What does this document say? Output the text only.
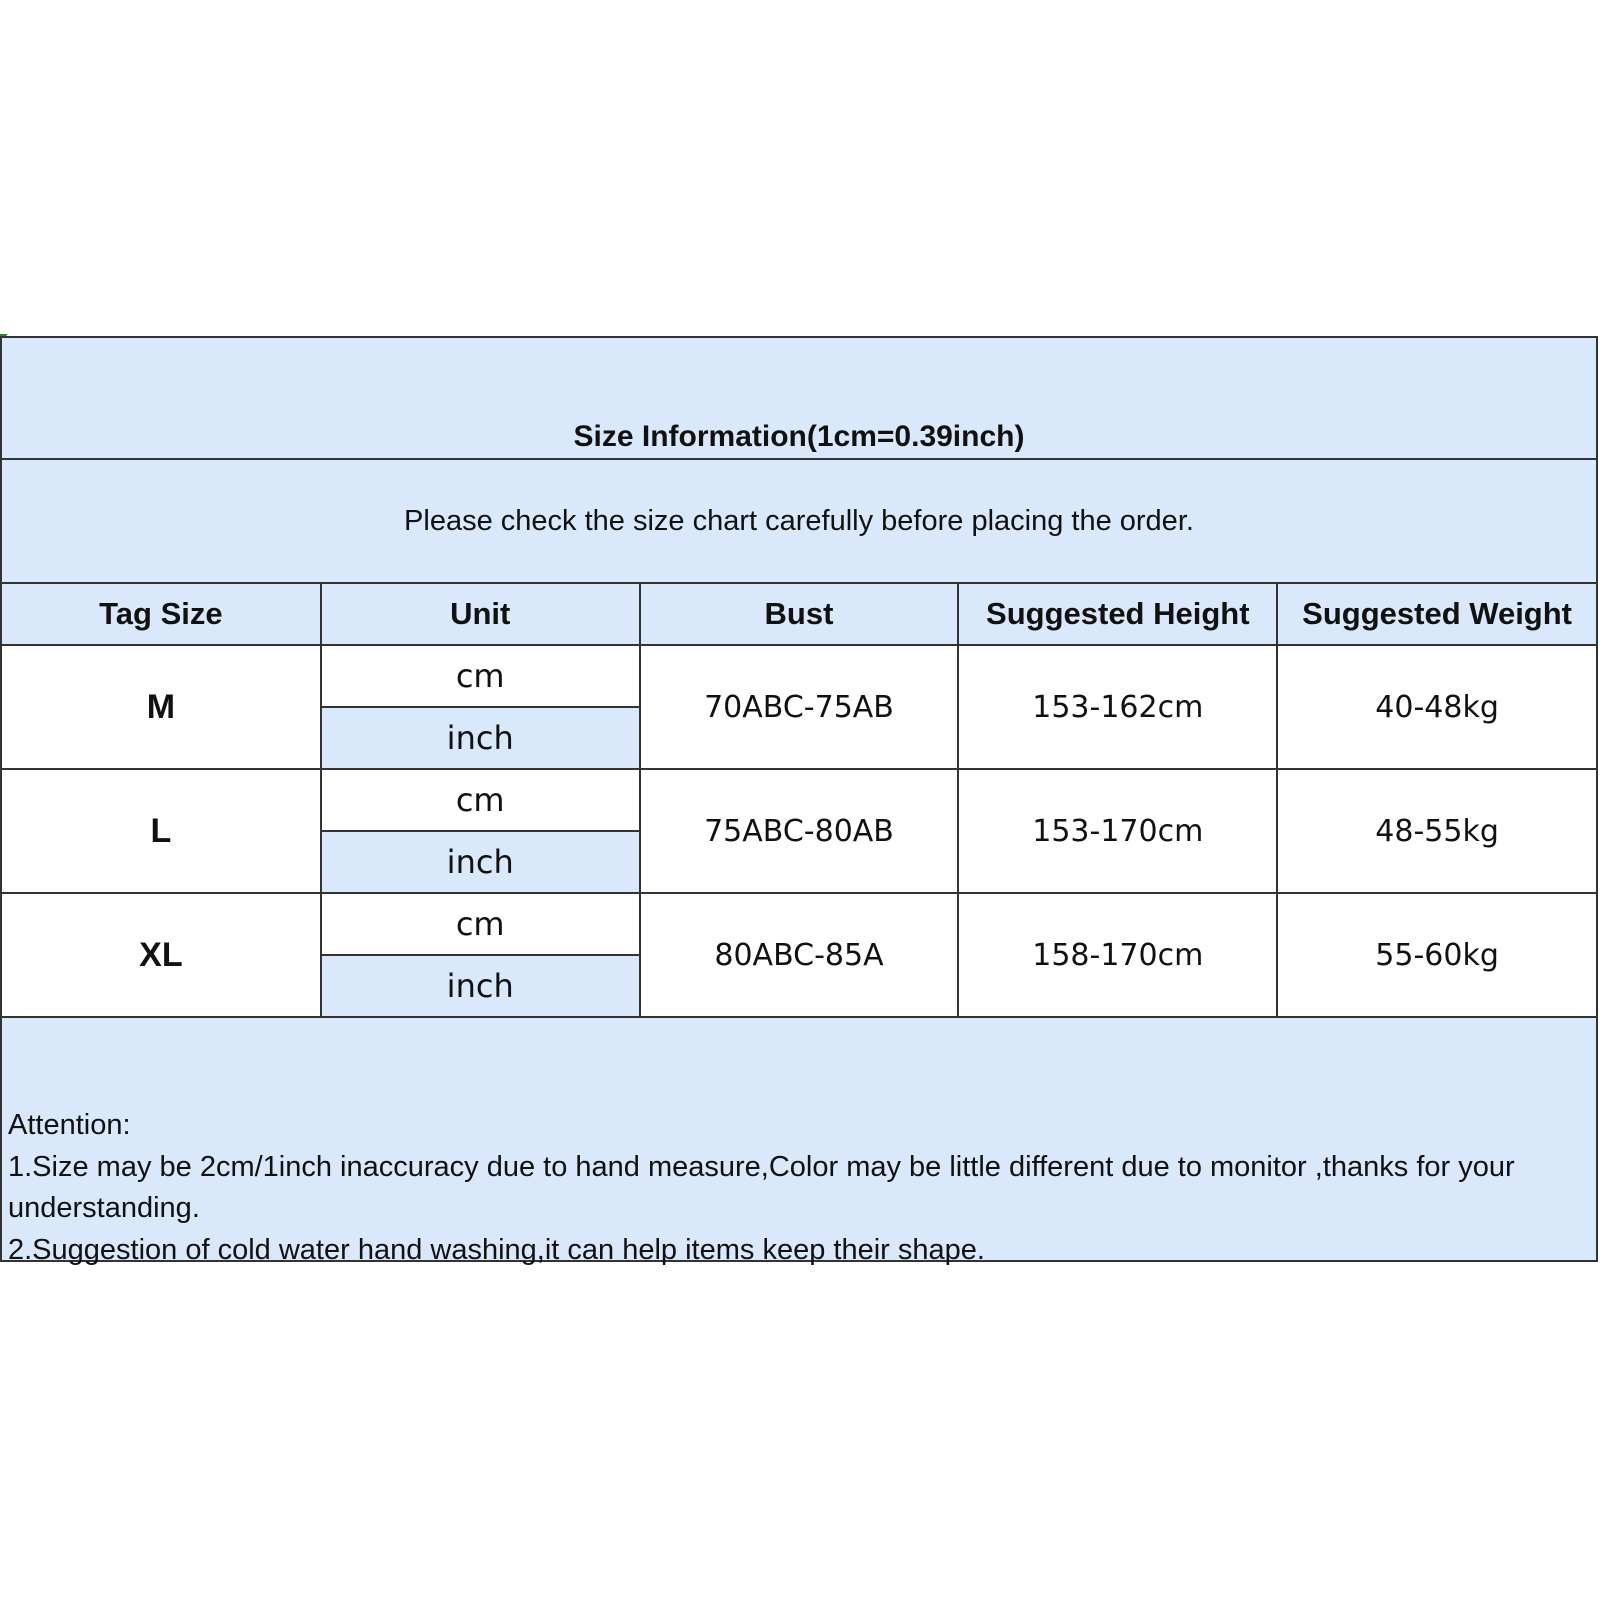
Size Information(1cm=0.39inch)
Please check the size chart carefully before placing the order.
Tag Size	Unit	Bust	Suggested Height	Suggested Weight
M	cm	70ABC-75AB	153-162cm	40-48kg
	inch			
L	cm	75ABC-80AB	153-170cm	48-55kg
	inch			
XL	cm	80ABC-85A	158-170cm	55-60kg
	inch			

Attention:

1.Size may be 2cm/1inch inaccuracy due to hand measure,Color may be little different due to monitor ,thanks for your understanding.

2.Suggestion of cold water hand washing,it can help items keep their shape.
